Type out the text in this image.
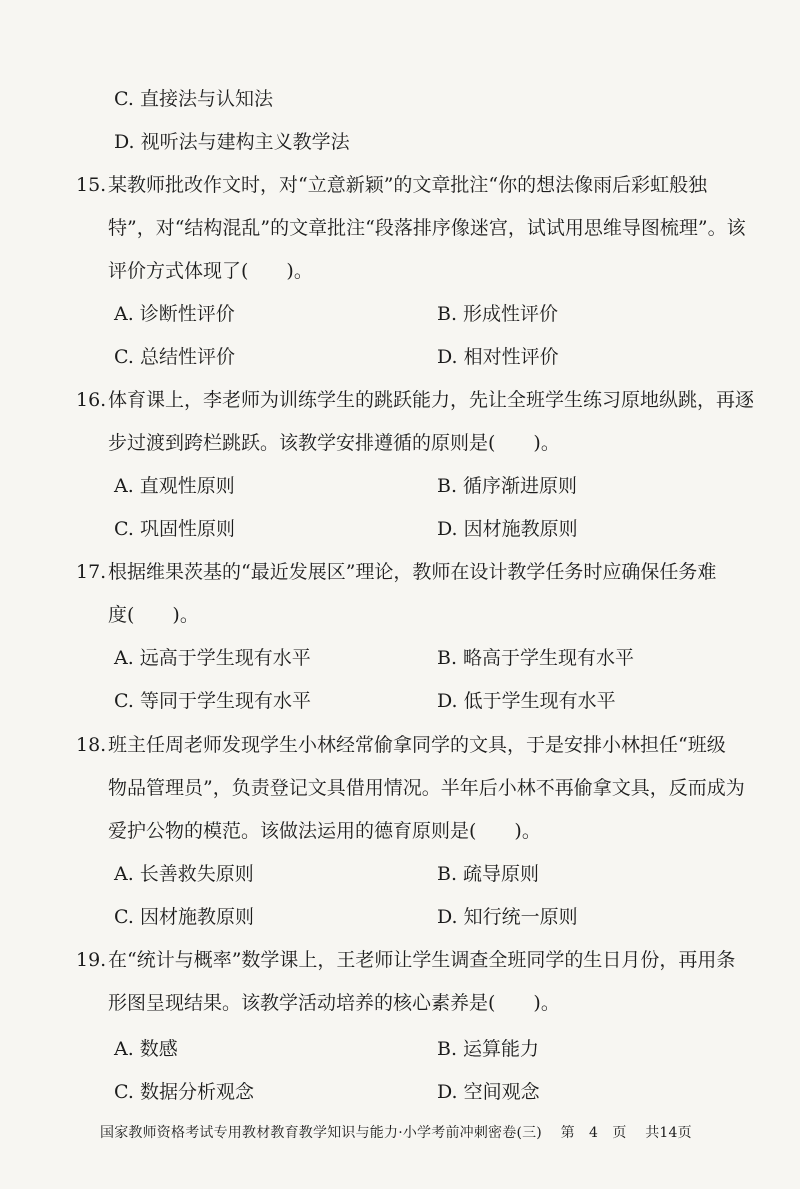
C. 直接法与认知法
D. 视听法与建构主义教学法
15. 某教师批改作文时，对“立意新颖”的文章批注“你的想法像雨后彩虹般独
特”，对“结构混乱”的文章批注“段落排序像迷宫，试试用思维导图梳理”。该
评价方式体现了(　　)。
A. 诊断性评价	B. 形成性评价
C. 总结性评价	D. 相对性评价
16. 体育课上，李老师为训练学生的跳跃能力，先让全班学生练习原地纵跳，再逐
步过渡到跨栏跳跃。该教学安排遵循的原则是(　　)。
A. 直观性原则	B. 循序渐进原则
C. 巩固性原则	D. 因材施教原则
17. 根据维果茨基的“最近发展区”理论，教师在设计教学任务时应确保任务难
度(　　)。
A. 远高于学生现有水平	B. 略高于学生现有水平
C. 等同于学生现有水平	D. 低于学生现有水平
18. 班主任周老师发现学生小林经常偷拿同学的文具，于是安排小林担任“班级
物品管理员”，负责登记文具借用情况。半年后小林不再偷拿文具，反而成为
爱护公物的模范。该做法运用的德育原则是(　　)。
A. 长善救失原则	B. 疏导原则
C. 因材施教原则	D. 知行统一原则
19. 在“统计与概率”数学课上，王老师让学生调查全班同学的生日月份，再用条
形图呈现结果。该教学活动培养的核心素养是(　　)。
A. 数感	B. 运算能力
C. 数据分析观念	D. 空间观念
国家教师资格考试专用教材教育教学知识与能力·小学考前冲刺密卷(三) 第　4　页 共14页
